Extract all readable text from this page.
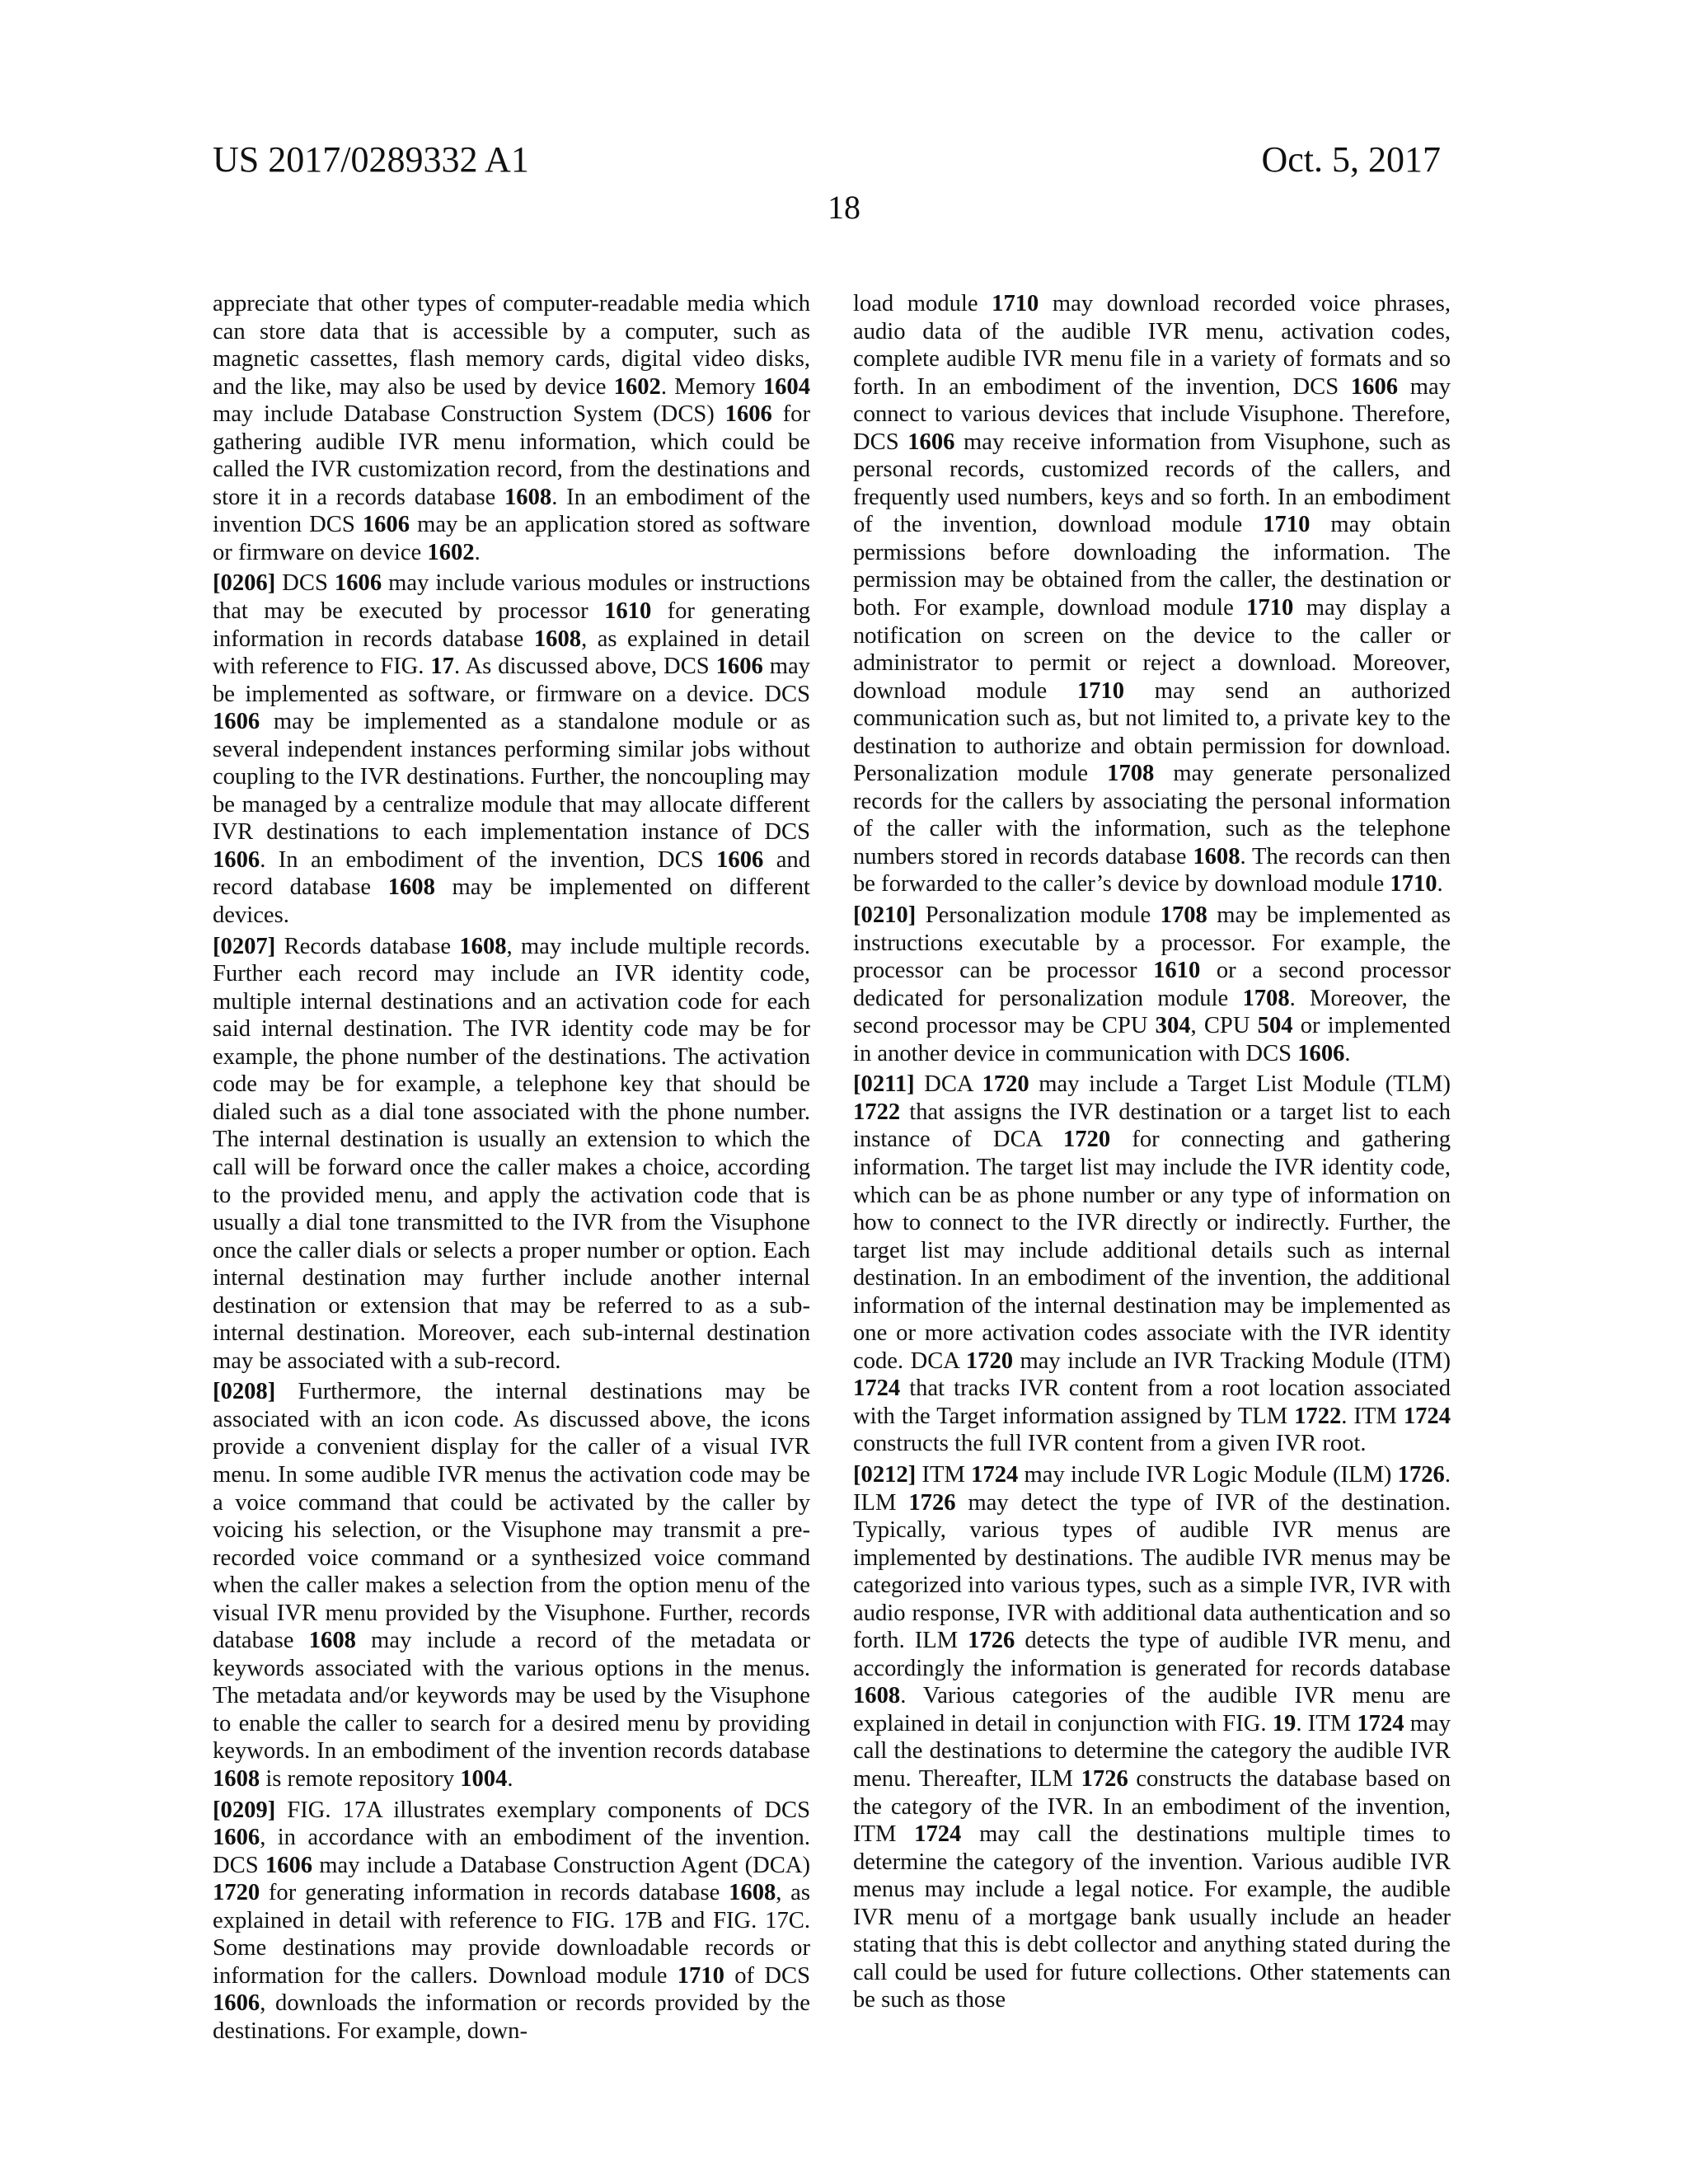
US 2017/0289332 A1	Oct. 5, 2017
18

appreciate that other types of computer-readable media which can store data that is accessible by a computer, such as magnetic cassettes, flash memory cards, digital video disks, and the like, may also be used by device 1602. Memory 1604 may include Database Construction System (DCS) 1606 for gathering audible IVR menu information, which could be called the IVR customization record, from the destinations and store it in a records database 1608. In an embodiment of the invention DCS 1606 may be an application stored as software or firmware on device 1602.

[0206] DCS 1606 may include various modules or instructions that may be executed by processor 1610 for generating information in records database 1608, as explained in detail with reference to FIG. 17. As discussed above, DCS 1606 may be implemented as software, or firmware on a device. DCS 1606 may be implemented as a standalone module or as several independent instances performing similar jobs without coupling to the IVR destinations. Further, the noncoupling may be managed by a centralize module that may allocate different IVR destinations to each implementation instance of DCS 1606. In an embodiment of the invention, DCS 1606 and record database 1608 may be implemented on different devices.

[0207] Records database 1608, may include multiple records. Further each record may include an IVR identity code, multiple internal destinations and an activation code for each said internal destination. The IVR identity code may be for example, the phone number of the destinations. The activation code may be for example, a telephone key that should be dialed such as a dial tone associated with the phone number. The internal destination is usually an extension to which the call will be forward once the caller makes a choice, according to the provided menu, and apply the activation code that is usually a dial tone transmitted to the IVR from the Visuphone once the caller dials or selects a proper number or option. Each internal destination may further include another internal destination or extension that may be referred to as a sub-internal destination. Moreover, each sub-internal destination may be associated with a sub-record.

[0208] Furthermore, the internal destinations may be associated with an icon code. As discussed above, the icons provide a convenient display for the caller of a visual IVR menu. In some audible IVR menus the activation code may be a voice command that could be activated by the caller by voicing his selection, or the Visuphone may transmit a pre-recorded voice command or a synthesized voice command when the caller makes a selection from the option menu of the visual IVR menu provided by the Visuphone. Further, records database 1608 may include a record of the metadata or keywords associated with the various options in the menus. The metadata and/or keywords may be used by the Visuphone to enable the caller to search for a desired menu by providing keywords. In an embodiment of the invention records database 1608 is remote repository 1004.

[0209] FIG. 17A illustrates exemplary components of DCS 1606, in accordance with an embodiment of the invention. DCS 1606 may include a Database Construction Agent (DCA) 1720 for generating information in records database 1608, as explained in detail with reference to FIG. 17B and FIG. 17C. Some destinations may provide downloadable records or information for the callers. Download module 1710 of DCS 1606, downloads the information or records provided by the destinations. For example, down-

load module 1710 may download recorded voice phrases, audio data of the audible IVR menu, activation codes, complete audible IVR menu file in a variety of formats and so forth. In an embodiment of the invention, DCS 1606 may connect to various devices that include Visuphone. Therefore, DCS 1606 may receive information from Visuphone, such as personal records, customized records of the callers, and frequently used numbers, keys and so forth. In an embodiment of the invention, download module 1710 may obtain permissions before downloading the information. The permission may be obtained from the caller, the destination or both. For example, download module 1710 may display a notification on screen on the device to the caller or administrator to permit or reject a download. Moreover, download module 1710 may send an authorized communication such as, but not limited to, a private key to the destination to authorize and obtain permission for download. Personalization module 1708 may generate personalized records for the callers by associating the personal information of the caller with the information, such as the telephone numbers stored in records database 1608. The records can then be forwarded to the caller’s device by download module 1710.

[0210] Personalization module 1708 may be implemented as instructions executable by a processor. For example, the processor can be processor 1610 or a second processor dedicated for personalization module 1708. Moreover, the second processor may be CPU 304, CPU 504 or implemented in another device in communication with DCS 1606.

[0211] DCA 1720 may include a Target List Module (TLM) 1722 that assigns the IVR destination or a target list to each instance of DCA 1720 for connecting and gathering information. The target list may include the IVR identity code, which can be as phone number or any type of information on how to connect to the IVR directly or indirectly. Further, the target list may include additional details such as internal destination. In an embodiment of the invention, the additional information of the internal destination may be implemented as one or more activation codes associate with the IVR identity code. DCA 1720 may include an IVR Tracking Module (ITM) 1724 that tracks IVR content from a root location associated with the Target information assigned by TLM 1722. ITM 1724 constructs the full IVR content from a given IVR root.

[0212] ITM 1724 may include IVR Logic Module (ILM) 1726. ILM 1726 may detect the type of IVR of the destination. Typically, various types of audible IVR menus are implemented by destinations. The audible IVR menus may be categorized into various types, such as a simple IVR, IVR with audio response, IVR with additional data authentication and so forth. ILM 1726 detects the type of audible IVR menu, and accordingly the information is generated for records database 1608. Various categories of the audible IVR menu are explained in detail in conjunction with FIG. 19. ITM 1724 may call the destinations to determine the category the audible IVR menu. Thereafter, ILM 1726 constructs the database based on the category of the IVR. In an embodiment of the invention, ITM 1724 may call the destinations multiple times to determine the category of the invention. Various audible IVR menus may include a legal notice. For example, the audible IVR menu of a mortgage bank usually include an header stating that this is debt collector and anything stated during the call could be used for future collections. Other statements can be such as those
